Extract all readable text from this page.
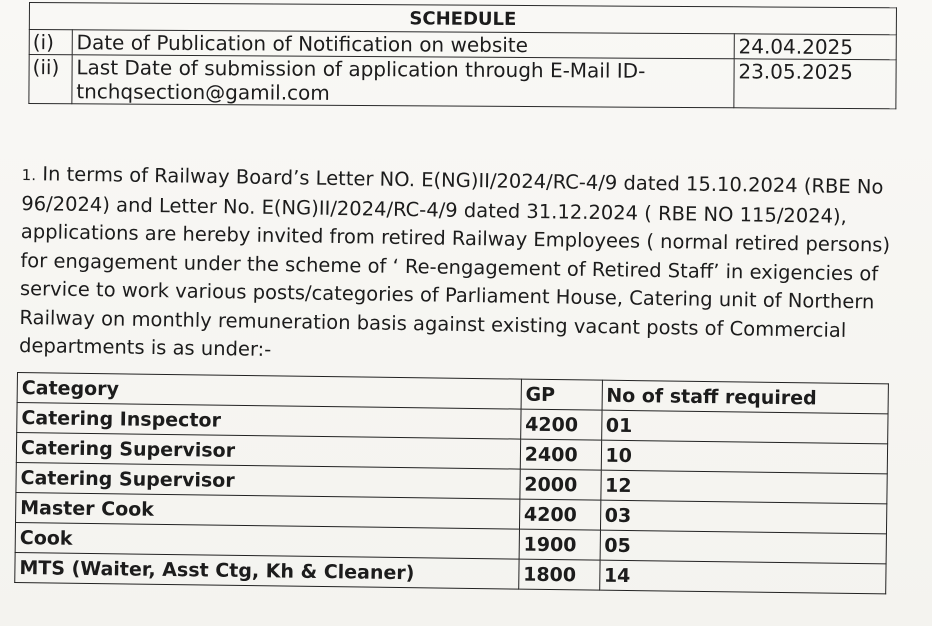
SCHEDULE		
(i)	Date of Publication of Notification on website	24.04.2025
(ii)	Last Date of submission of application through E-Mail ID-
tnchqsection@gamil.com	23.05.2025

1. In terms of Railway Board’s Letter NO. E(NG)II/2024/RC-4/9 dated 15.10.2024 (RBE No 96/2024) and Letter No. E(NG)II/2024/RC-4/9 dated 31.12.2024 ( RBE NO 115/2024), applications are hereby invited from retired Railway Employees ( normal retired persons) for engagement under the scheme of ‘ Re-engagement of Retired Staff’ in exigencies of service to work various posts/categories of Parliament House, Catering unit of Northern Railway on monthly remuneration basis against existing vacant posts of Commercial departments is as under:-

Category	GP	No of staff required
Catering Inspector	4200	01
Catering Supervisor	2400	10
Catering Supervisor	2000	12
Master Cook	4200	03
Cook	1900	05
MTS (Waiter, Asst Ctg, Kh & Cleaner)	1800	14
